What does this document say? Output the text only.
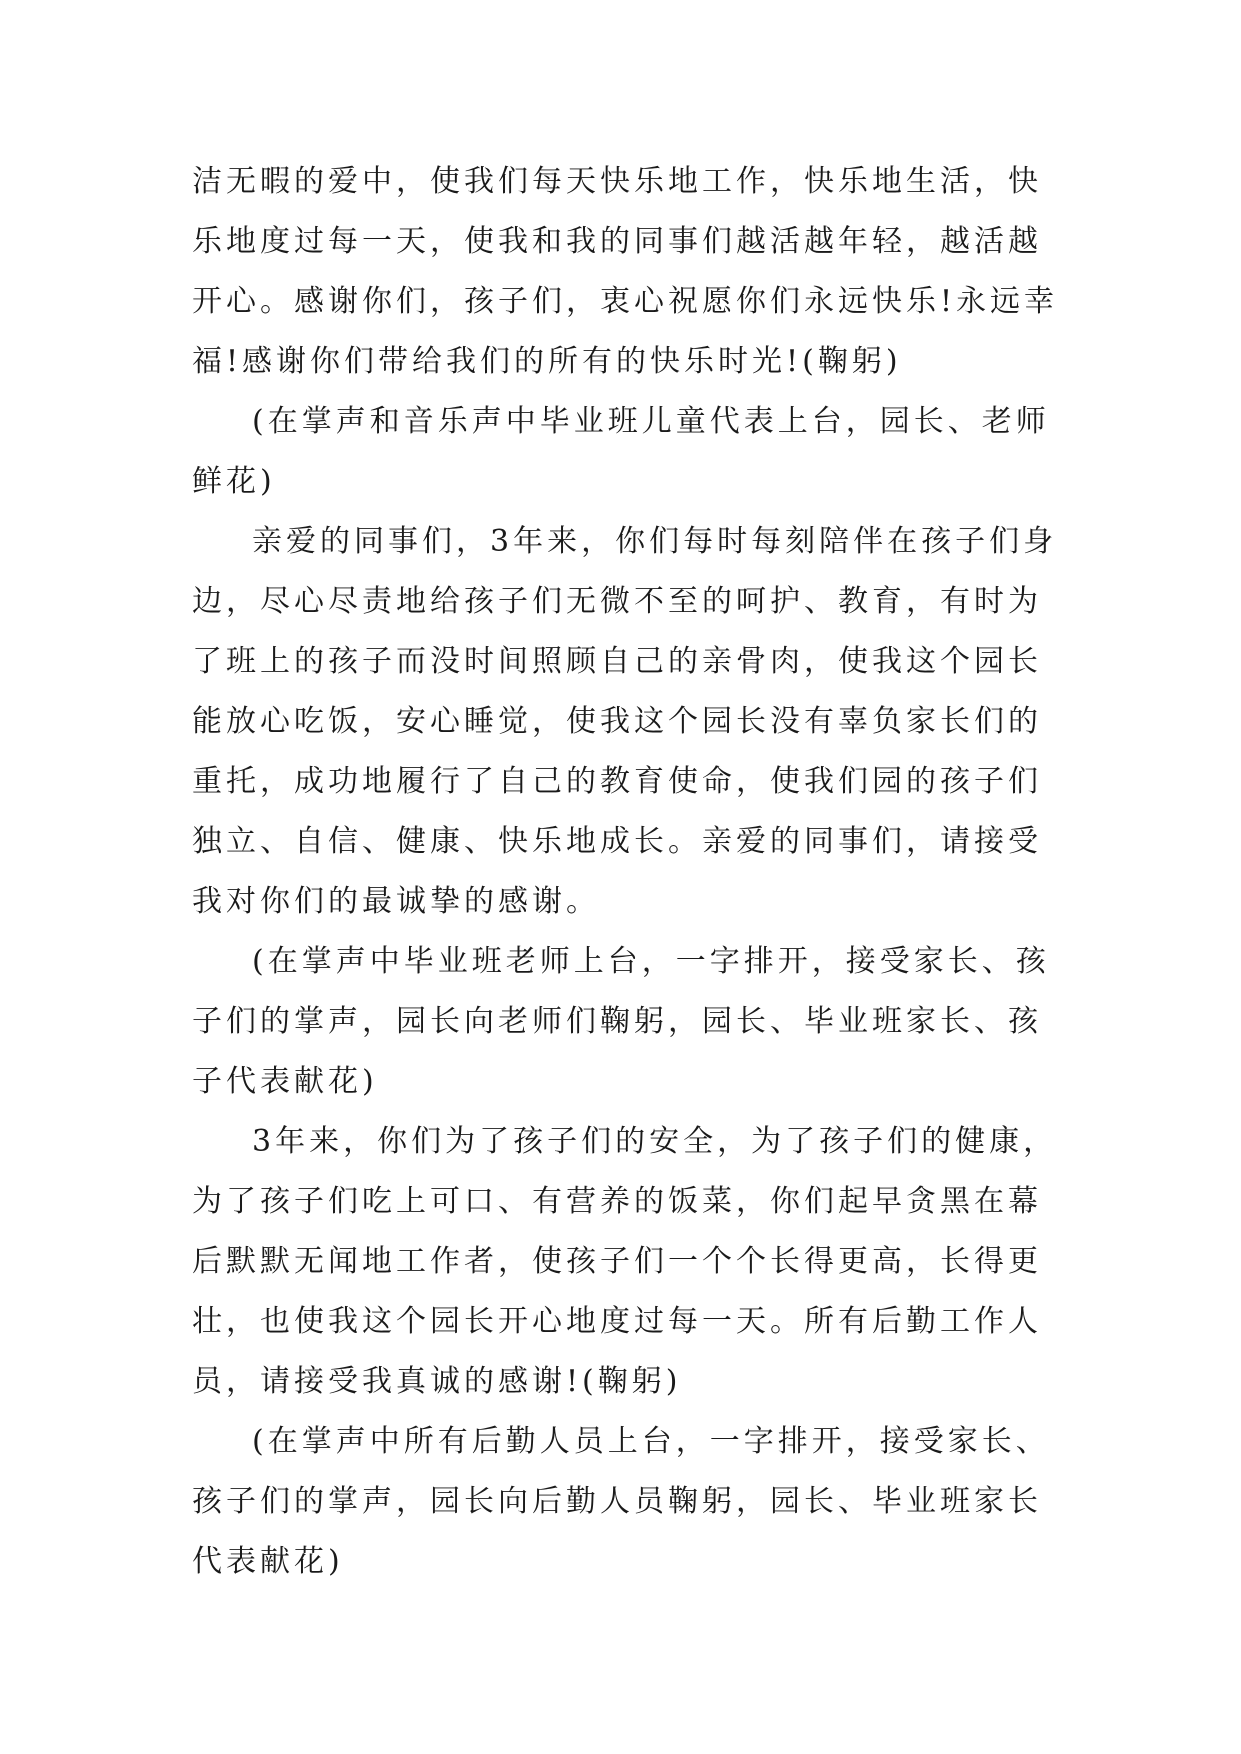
洁无暇的爱中，使我们每天快乐地工作，快乐地生活，快乐地度过每一天，使我和我的同事们越活越年轻，越活越开心。感谢你们，孩子们，衷心祝愿你们永远快乐!永远幸福!感谢你们带给我们的所有的快乐时光!(鞠躬)

(在掌声和音乐声中毕业班儿童代表上台，园长、老师鲜花)

亲爱的同事们，3年来，你们每时每刻陪伴在孩子们身边，尽心尽责地给孩子们无微不至的呵护、教育，有时为了班上的孩子而没时间照顾自己的亲骨肉，使我这个园长能放心吃饭，安心睡觉，使我这个园长没有辜负家长们的重托，成功地履行了自己的教育使命，使我们园的孩子们独立、自信、健康、快乐地成长。亲爱的同事们，请接受我对你们的最诚挚的感谢。

(在掌声中毕业班老师上台，一字排开，接受家长、孩子们的掌声，园长向老师们鞠躬，园长、毕业班家长、孩子代表献花)

3年来，你们为了孩子们的安全，为了孩子们的健康，为了孩子们吃上可口、有营养的饭菜，你们起早贪黑在幕后默默无闻地工作者，使孩子们一个个长得更高，长得更壮，也使我这个园长开心地度过每一天。所有后勤工作人员，请接受我真诚的感谢!(鞠躬)

(在掌声中所有后勤人员上台，一字排开，接受家长、孩子们的掌声，园长向后勤人员鞠躬，园长、毕业班家长代表献花)
